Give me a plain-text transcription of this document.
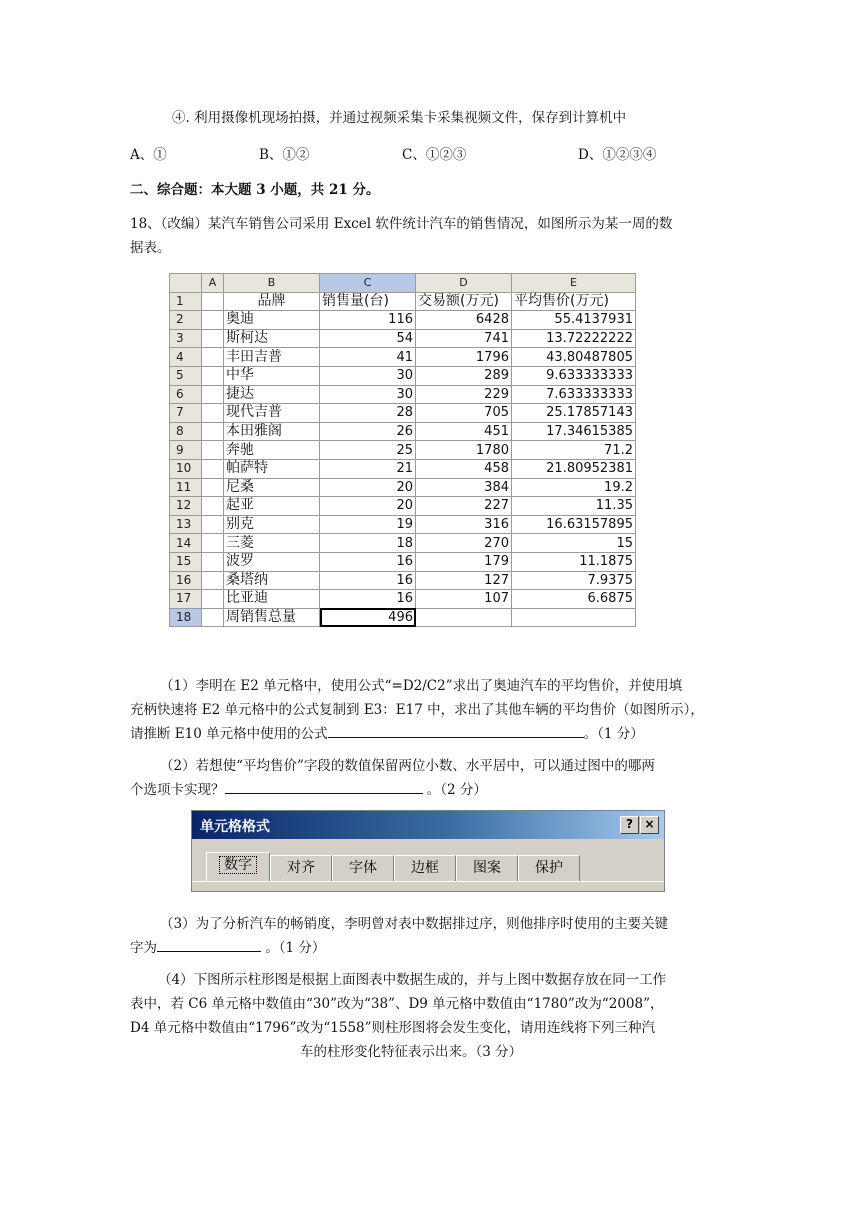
④. 利用摄像机现场拍摄，并通过视频采集卡采集视频文件，保存到计算机中
A、①	B、①②	C、①②③	D、①②③④
二、综合题：本大题 3 小题，共 21 分。
18、（改编）某汽车销售公司采用 Excel 软件统计汽车的销售情况，如图所示为某一周的数
据表。
	A	B	C	D	E
1		品牌	销售量(台)	交易额(万元)	平均售价(万元)
2		奥迪	116	6428	55.4137931
3		斯柯达	54	741	13.72222222
4		丰田吉普	41	1796	43.80487805
5		中华	30	289	9.633333333
6		捷达	30	229	7.633333333
7		现代吉普	28	705	25.17857143
8		本田雅阁	26	451	17.34615385
9		奔驰	25	1780	71.2
10		帕萨特	21	458	21.80952381
11		尼桑	20	384	19.2
12		起亚	20	227	11.35
13		别克	19	316	16.63157895
14		三菱	18	270	15
15		波罗	16	179	11.1875
16		桑塔纳	16	127	7.9375
17		比亚迪	16	107	6.6875
18		周销售总量	496		
（1）李明在 E2 单元格中，使用公式“=D2/C2”求出了奥迪汽车的平均售价，并使用填
充柄快速将 E2 单元格中的公式复制到 E3：E17 中，求出了其他车辆的平均售价（如图所示），
请推断 E10 单元格中使用的公式	。（1 分）
（2）若想使“平均售价”字段的数值保留两位小数、水平居中，可以通过图中的哪两
个选项卡实现？	。（2 分）
单元格格式	? ×
数字	对齐	字体	边框	图案	保护
（3）为了分析汽车的畅销度，李明曾对表中数据排过序，则他排序时使用的主要关键
字为	。（1 分）
（4）下图所示柱形图是根据上面图表中数据生成的，并与上图中数据存放在同一工作
表中，若 C6 单元格中数值由“30”改为“38”、D9 单元格中数值由“1780”改为“2008”，
D4 单元格中数值由“1796”改为“1558”则柱形图将会发生变化，请用连线将下列三种汽
车的柱形变化特征表示出来。（3 分）
